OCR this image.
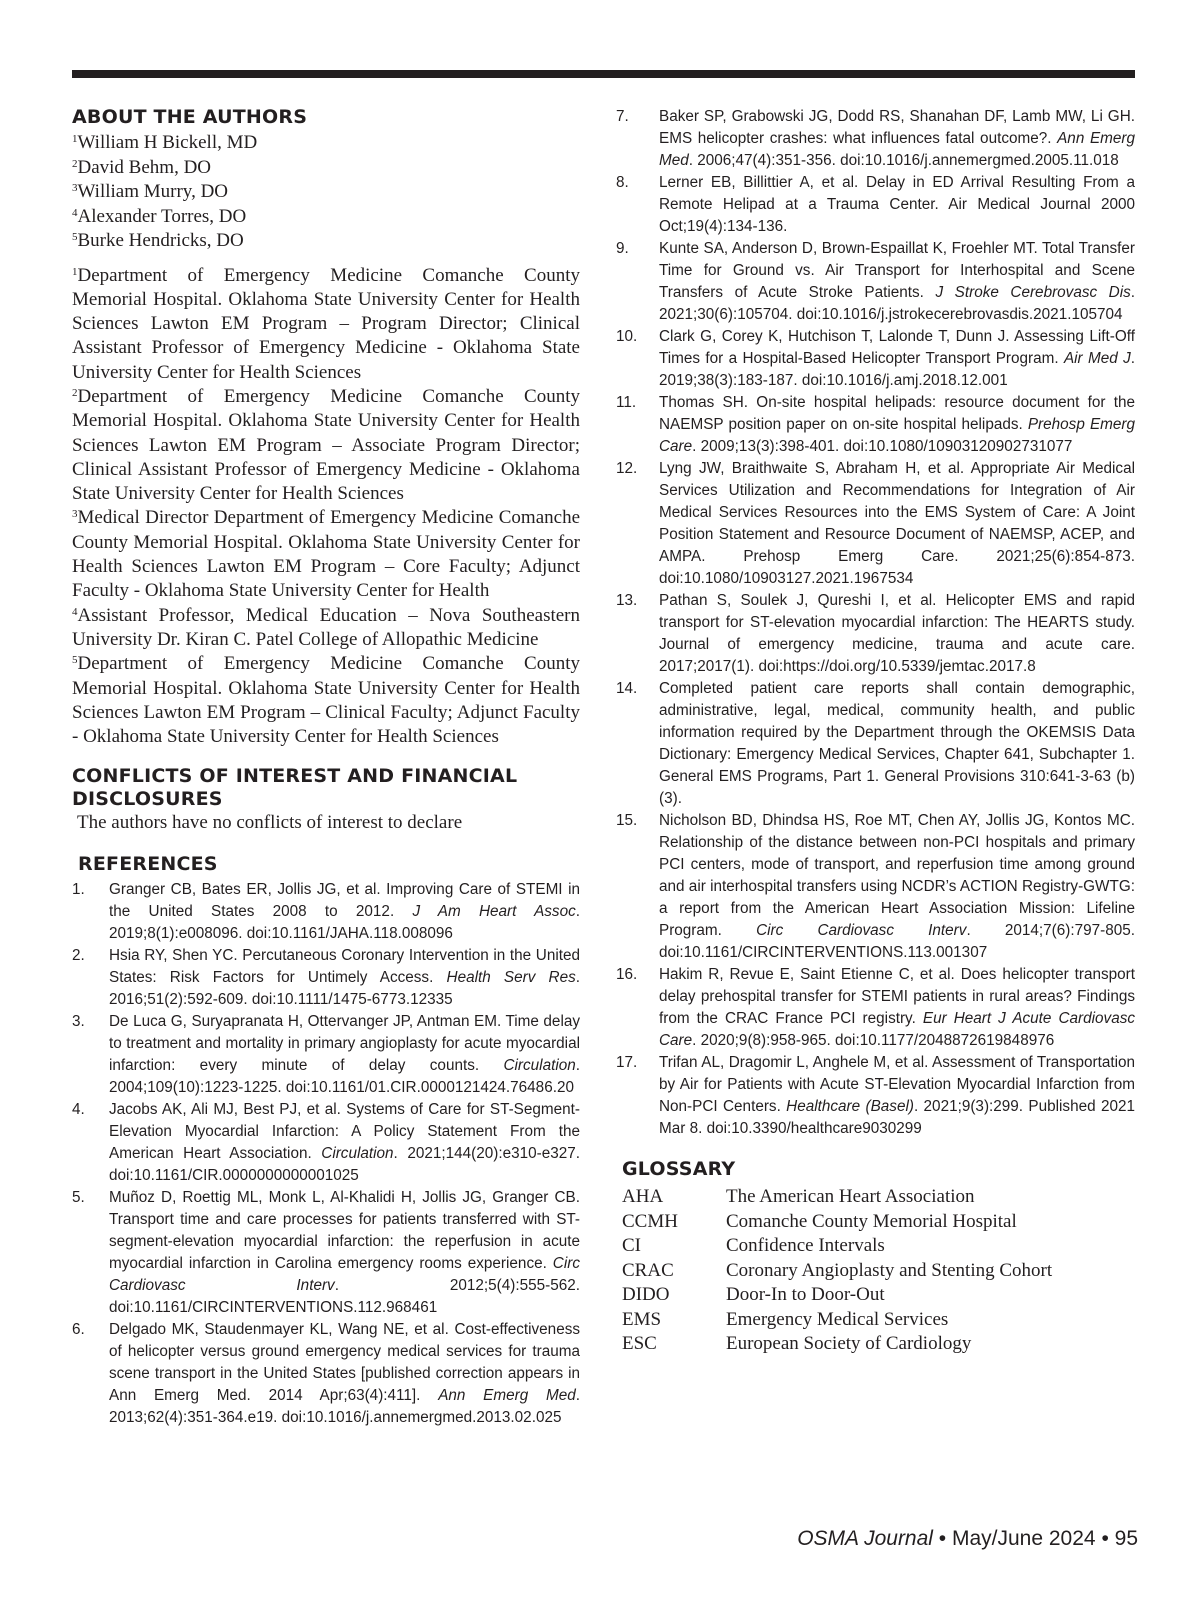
ABOUT THE AUTHORS
$^1$William H Bickell, MD
$^2$David Behm, DO
$^3$William Murry, DO
$^4$Alexander Torres, DO
$^5$Burke Hendricks, DO
$^1$Department of Emergency Medicine Comanche County Memorial Hospital. Oklahoma State University Center for Health Sciences Lawton EM Program – Program Director; Clinical Assistant Professor of Emergency Medicine - Oklahoma State University Center for Health Sciences
$^2$Department of Emergency Medicine Comanche County Memorial Hospital. Oklahoma State University Center for Health Sciences Lawton EM Program – Associate Program Director; Clinical Assistant Professor of Emergency Medicine - Oklahoma State University Center for Health Sciences
$^3$Medical Director Department of Emergency Medicine Comanche County Memorial Hospital. Oklahoma State University Center for Health Sciences Lawton EM Program – Core Faculty; Adjunct Faculty - Oklahoma State University Center for Health
$^4$Assistant Professor, Medical Education – Nova Southeastern University Dr. Kiran C. Patel College of Allopathic Medicine
$^5$Department of Emergency Medicine Comanche County Memorial Hospital. Oklahoma State University Center for Health Sciences Lawton EM Program – Clinical Faculty; Adjunct Faculty - Oklahoma State University Center for Health Sciences
CONFLICTS OF INTEREST AND FINANCIAL DISCLOSURES

The authors have no conflicts of interest to declare

REFERENCES
1.	Granger CB, Bates ER, Jollis JG, et al. Improving Care of STEMI in the United States 2008 to 2012. J Am Heart Assoc. 2019;8(1):e008096. doi:10.1161/JAHA.118.008096
2.	Hsia RY, Shen YC. Percutaneous Coronary Intervention in the United States: Risk Factors for Untimely Access. Health Serv Res. 2016;51(2):592-609. doi:10.1111/1475-6773.12335
3.	De Luca G, Suryapranata H, Ottervanger JP, Antman EM. Time delay to treatment and mortality in primary angioplasty for acute myocardial infarction: every minute of delay counts. Circulation. 2004;109(10):1223-1225. doi:10.1161/01.CIR.0000121424.76486.20
4.	Jacobs AK, Ali MJ, Best PJ, et al. Systems of Care for ST-Segment-Elevation Myocardial Infarction: A Policy Statement From the American Heart Association. Circulation. 2021;144(20):e310-e327. doi:10.1161/CIR.0000000000001025
5.	Muñoz D, Roettig ML, Monk L, Al-Khalidi H, Jollis JG, Granger CB. Transport time and care processes for patients transferred with ST-segment-elevation myocardial infarction: the reperfusion in acute myocardial infarction in Carolina emergency rooms experience. Circ Cardiovasc Interv. 2012;5(4):555-562. doi:10.1161/CIRCINTERVENTIONS.112.968461
6.	Delgado MK, Staudenmayer KL, Wang NE, et al. Cost-effectiveness of helicopter versus ground emergency medical services for trauma scene transport in the United States [published correction appears in Ann Emerg Med. 2014 Apr;63(4):411]. Ann Emerg Med. 2013;62(4):351-364.e19. doi:10.1016/j.annemergmed.2013.02.025
7.	Baker SP, Grabowski JG, Dodd RS, Shanahan DF, Lamb MW, Li GH. EMS helicopter crashes: what influences fatal outcome?. Ann Emerg Med. 2006;47(4):351-356. doi:10.1016/j.annemergmed.2005.11.018
8.	Lerner EB, Billittier A, et al. Delay in ED Arrival Resulting From a Remote Helipad at a Trauma Center. Air Medical Journal 2000 Oct;19(4):134-136.
9.	Kunte SA, Anderson D, Brown-Espaillat K, Froehler MT. Total Transfer Time for Ground vs. Air Transport for Interhospital and Scene Transfers of Acute Stroke Patients. J Stroke Cerebrovasc Dis. 2021;30(6):105704. doi:10.1016/j.jstrokecerebrovasdis.2021.105704
10.	Clark G, Corey K, Hutchison T, Lalonde T, Dunn J. Assessing Lift-Off Times for a Hospital-Based Helicopter Transport Program. Air Med J. 2019;38(3):183-187. doi:10.1016/j.amj.2018.12.001
11.	Thomas SH. On-site hospital helipads: resource document for the NAEMSP position paper on on-site hospital helipads. Prehosp Emerg Care. 2009;13(3):398-401. doi:10.1080/10903120902731077
12.	Lyng JW, Braithwaite S, Abraham H, et al. Appropriate Air Medical Services Utilization and Recommendations for Integration of Air Medical Services Resources into the EMS System of Care: A Joint Position Statement and Resource Document of NAEMSP, ACEP, and AMPA. Prehosp Emerg Care. 2021;25(6):854-873. doi:10.1080/10903127.2021.1967534
13.	Pathan S, Soulek J, Qureshi I, et al. Helicopter EMS and rapid transport for ST-elevation myocardial infarction: The HEARTS study. Journal of emergency medicine, trauma and acute care. 2017;2017(1). doi:https://doi.org/10.5339/jemtac.2017.8
14.	Completed patient care reports shall contain demographic, administrative, legal, medical, community health, and public information required by the Department through the OKEMSIS Data Dictionary: Emergency Medical Services, Chapter 641, Subchapter 1. General EMS Programs, Part 1. General Provisions 310:641-3-63 (b) (3).
15.	Nicholson BD, Dhindsa HS, Roe MT, Chen AY, Jollis JG, Kontos MC. Relationship of the distance between non-PCI hospitals and primary PCI centers, mode of transport, and reperfusion time among ground and air interhospital transfers using NCDR’s ACTION Registry-GWTG: a report from the American Heart Association Mission: Lifeline Program. Circ Cardiovasc Interv. 2014;7(6):797-805. doi:10.1161/CIRCINTERVENTIONS.113.001307
16.	Hakim R, Revue E, Saint Etienne C, et al. Does helicopter transport delay prehospital transfer for STEMI patients in rural areas? Findings from the CRAC France PCI registry. Eur Heart J Acute Cardiovasc Care. 2020;9(8):958-965. doi:10.1177/2048872619848976
17.	Trifan AL, Dragomir L, Anghele M, et al. Assessment of Transportation by Air for Patients with Acute ST-Elevation Myocardial Infarction from Non-PCI Centers. Healthcare (Basel). 2021;9(3):299. Published 2021 Mar 8. doi:10.3390/healthcare9030299
GLOSSARY
AHA	The American Heart Association
CCMH	Comanche County Memorial Hospital
CI	Confidence Intervals
CRAC	Coronary Angioplasty and Stenting Cohort
DIDO	Door-In to Door-Out
EMS	Emergency Medical Services
ESC	European Society of Cardiology
OSMA Journal • May/June 2024 • 95
